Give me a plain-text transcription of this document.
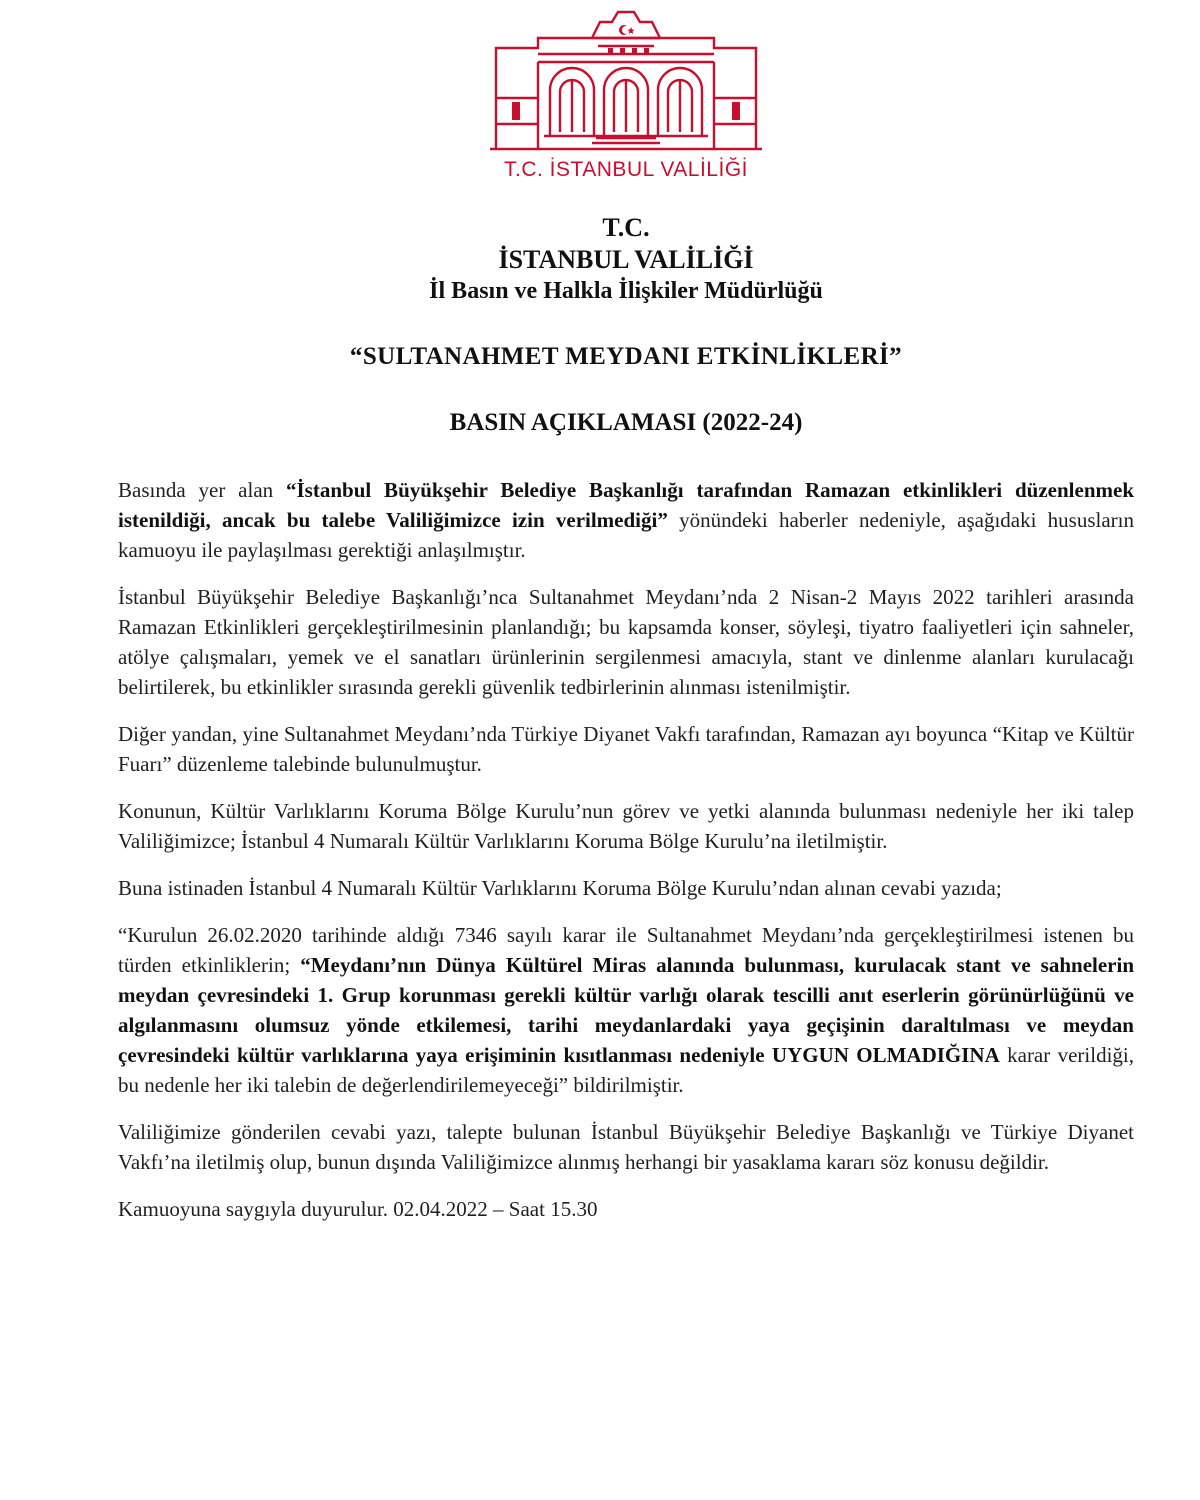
T.C. İSTANBUL VALİLİĞİ
T.C.
İSTANBUL VALİLİĞİ
İl Basın ve Halkla İlişkiler Müdürlüğü
“SULTANAHMET MEYDANI ETKİNLİKLERİ”
BASIN AÇIKLAMASI (2022-24)

Basında yer alan “İstanbul Büyükşehir Belediye Başkanlığı tarafından Ramazan etkinlikleri düzenlenmek istenildiği, ancak bu talebe Valiliğimizce izin verilmediği” yönündeki haberler nedeniyle, aşağıdaki hususların kamuoyu ile paylaşılması gerektiği anlaşılmıştır.

İstanbul Büyükşehir Belediye Başkanlığı’nca Sultanahmet Meydanı’nda 2 Nisan-2 Mayıs 2022 tarihleri arasında Ramazan Etkinlikleri gerçekleştirilmesinin planlandığı; bu kapsamda konser, söyleşi, tiyatro faaliyetleri için sahneler, atölye çalışmaları, yemek ve el sanatları ürünlerinin sergilenmesi amacıyla, stant ve dinlenme alanları kurulacağı belirtilerek, bu etkinlikler sırasında gerekli güvenlik tedbirlerinin alınması istenilmiştir.

Diğer yandan, yine Sultanahmet Meydanı’nda Türkiye Diyanet Vakfı tarafından, Ramazan ayı boyunca “Kitap ve Kültür Fuarı” düzenleme talebinde bulunulmuştur.

Konunun, Kültür Varlıklarını Koruma Bölge Kurulu’nun görev ve yetki alanında bulunması nedeniyle her iki talep Valiliğimizce; İstanbul 4 Numaralı Kültür Varlıklarını Koruma Bölge Kurulu’na iletilmiştir.

Buna istinaden İstanbul 4 Numaralı Kültür Varlıklarını Koruma Bölge Kurulu’ndan alınan cevabi yazıda;

“Kurulun 26.02.2020 tarihinde aldığı 7346 sayılı karar ile Sultanahmet Meydanı’nda gerçekleştirilmesi istenen bu türden etkinliklerin; “Meydanı’nın Dünya Kültürel Miras alanında bulunması, kurulacak stant ve sahnelerin meydan çevresindeki 1. Grup korunması gerekli kültür varlığı olarak tescilli anıt eserlerin görünürlüğünü ve algılanmasını olumsuz yönde etkilemesi, tarihi meydanlardaki yaya geçişinin daraltılması ve meydan çevresindeki kültür varlıklarına yaya erişiminin kısıtlanması nedeniyle UYGUN OLMADIĞINA karar verildiği, bu nedenle her iki talebin de değerlendirilemeyeceği” bildirilmiştir.

Valiliğimize gönderilen cevabi yazı, talepte bulunan İstanbul Büyükşehir Belediye Başkanlığı ve Türkiye Diyanet Vakfı’na iletilmiş olup, bunun dışında Valiliğimizce alınmış herhangi bir yasaklama kararı söz konusu değildir.

Kamuoyuna saygıyla duyurulur. 02.04.2022 – Saat 15.30
